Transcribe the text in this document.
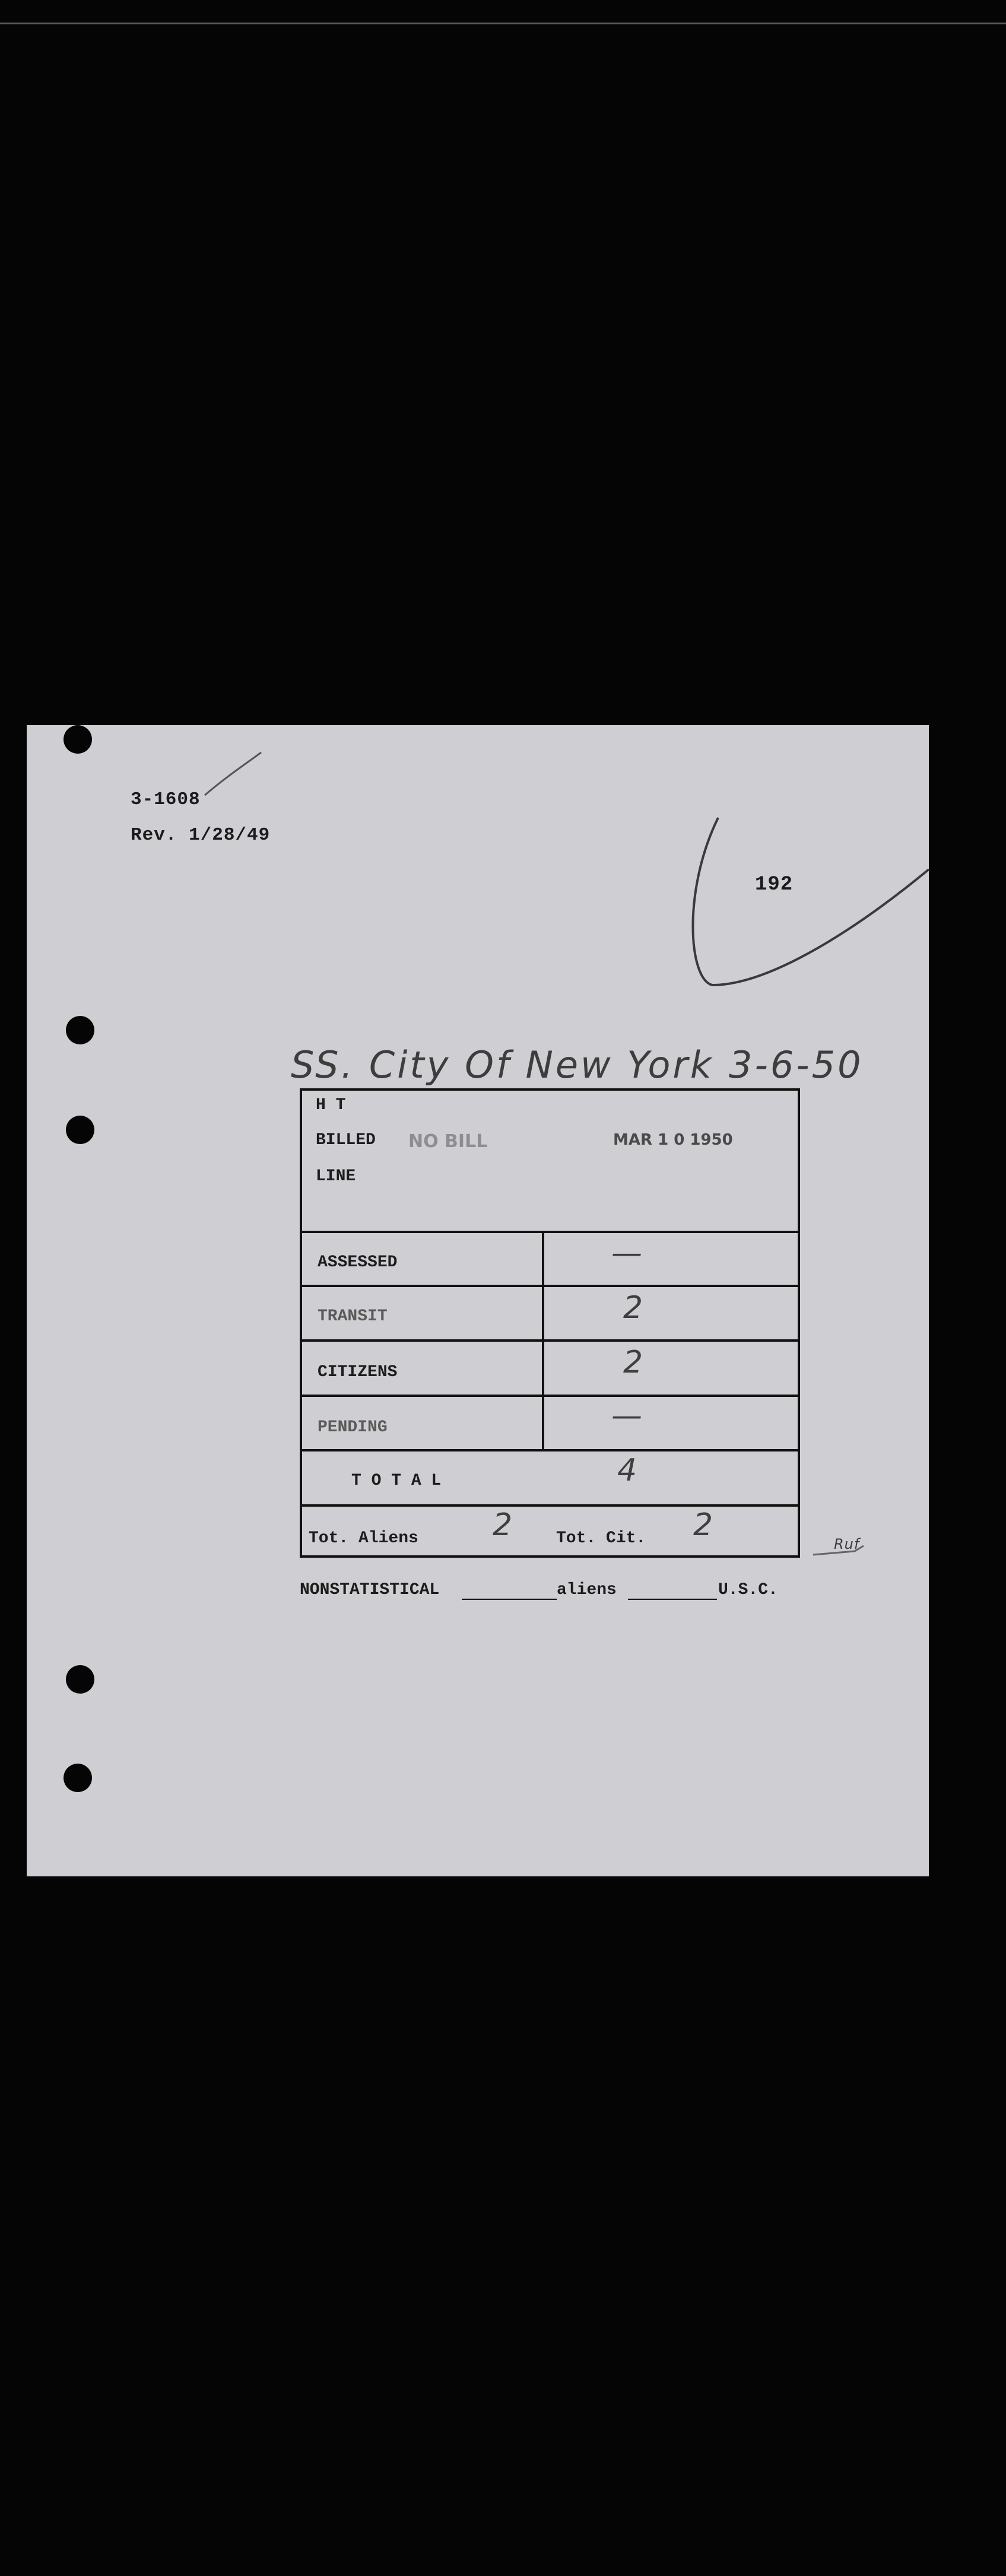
3-1608
Rev. 1/28/49
192
SS. City Of New York 3-6-50
H T
BILLED NO BILL	MAR 1 0 1950
LINE
ASSESSED	—
TRANSIT	2
CITIZENS	2
PENDING	—
T O T A L	4
Tot. Aliens 2	Tot. Cit. 2
Ruf
NONSTATISTICAL	aliens	U.S.C.
